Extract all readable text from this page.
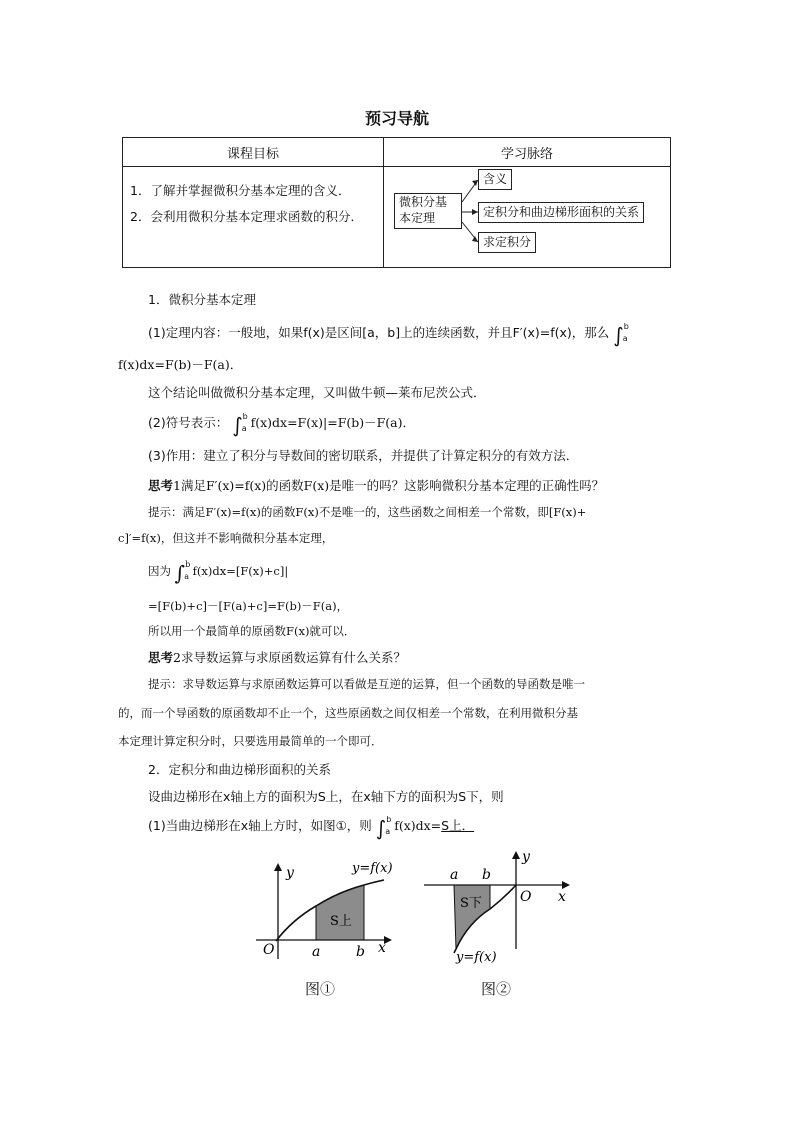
预习导航
课程目标	学习脉络

1．了解并掌握微积分基本定理的含义．
2．会利用微积分基本定理求函数的积分．	

微积分基本定理
含义
定积分和曲边梯形面积的关系
求定积分
1．微积分基本定理
(1)定理内容：一般地，如果f(x)是区间[a，b]上的连续函数，并且F′(x)=f(x)，那么 ∫$^b_a$
f(x)dx=F(b)－F(a)．
这个结论叫做微积分基本定理，又叫做牛顿—莱布尼茨公式．
(2)符号表示： ∫$^b_a$ f(x)dx=F(x)|=F(b)－F(a)．
(3)作用：建立了积分与导数间的密切联系，并提供了计算定积分的有效方法．
思考1满足F′(x)=f(x)的函数F(x)是唯一的吗？这影响微积分基本定理的正确性吗？
提示：满足F′(x)=f(x)的函数F(x)不是唯一的，这些函数之间相差一个常数，即[F(x)+
c]′=f(x)，但这并不影响微积分基本定理，
因为 ∫$^b_a$ f(x)dx=[F(x)+c]|
=[F(b)+c]－[F(a)+c]=F(b)－F(a)，
所以用一个最简单的原函数F(x)就可以．
思考2求导数运算与求原函数运算有什么关系？
提示：求导数运算与求原函数运算可以看做是互逆的运算，但一个函数的导函数是唯一
的，而一个导函数的原函数却不止一个，这些原函数之间仅相差一个常数，在利用微积分基
本定理计算定积分时，只要选用最简单的一个即可．
2．定积分和曲边梯形面积的关系
设曲边梯形在x轴上方的面积为S上，在x轴下方的面积为S下，则
(1)当曲边梯形在x轴上方时，如图①，则 ∫$^b_a$ f(x)dx=S上．
y	y=f(x)
O	a	b x
S上
图①
y
x
O
a b
S下
y=f(x)
图②
